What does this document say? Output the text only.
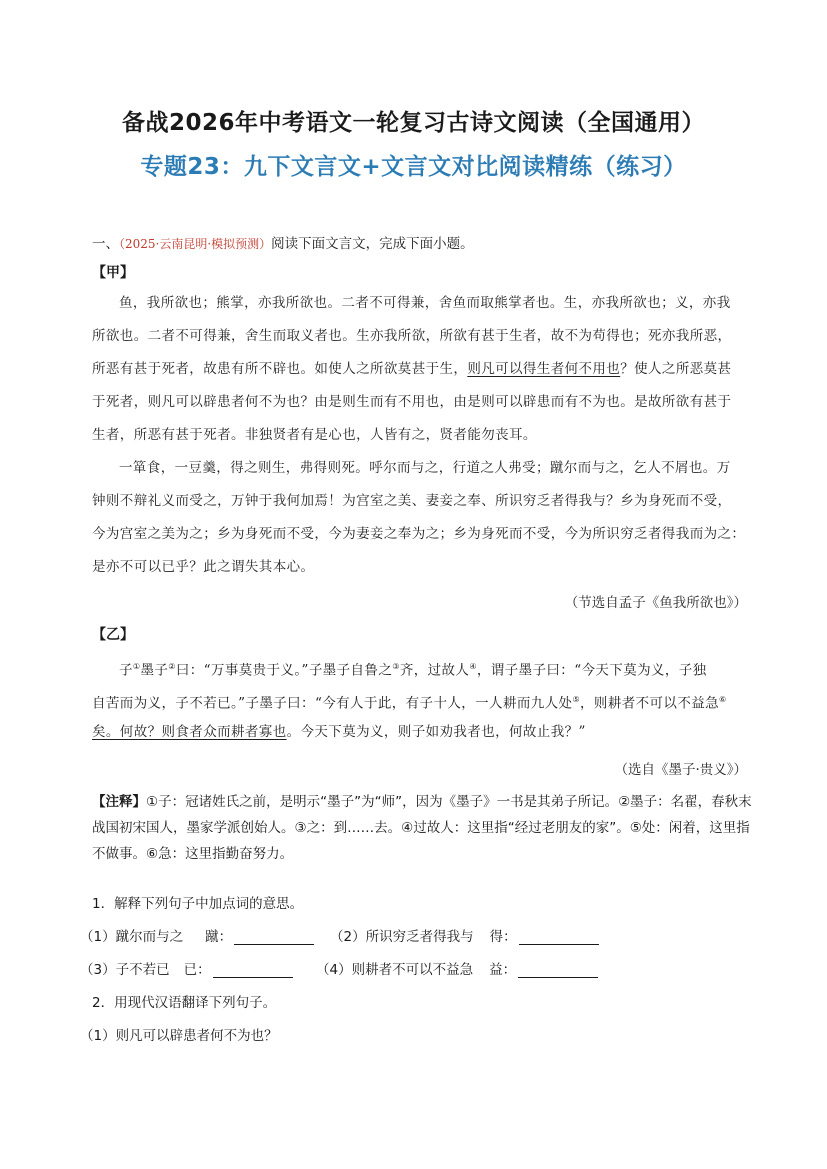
备战2026年中考语文一轮复习古诗文阅读（全国通用）
专题23：九下文言文+文言文对比阅读精练（练习）
一、（2025·云南昆明·模拟预测）阅读下面文言文，完成下面小题。
【甲】
鱼，我所欲也；熊掌，亦我所欲也。二者不可得兼，舍鱼而取熊掌者也。生，亦我所欲也；义，亦我
所欲也。二者不可得兼，舍生而取义者也。生亦我所欲，所欲有甚于生者，故不为苟得也；死亦我所恶，
所恶有甚于死者，故患有所不辟也。如使人之所欲莫甚于生，则凡可以得生者何不用也？使人之所恶莫甚
于死者，则凡可以辟患者何不为也？由是则生而有不用也，由是则可以辟患而有不为也。是故所欲有甚于
生者，所恶有甚于死者。非独贤者有是心也，人皆有之，贤者能勿丧耳。
一箪食，一豆羹，得之则生，弗得则死。呼尔而与之，行道之人弗受；蹴尔而与之，乞人不屑也。万
钟则不辩礼义而受之，万钟于我何加焉！为宫室之美、妻妾之奉、所识穷乏者得我与？乡为身死而不受，
今为宫室之美为之；乡为身死而不受，今为妻妾之奉为之；乡为身死而不受，今为所识穷乏者得我而为之：
是亦不可以已乎？此之谓失其本心。
（节选自孟子《鱼我所欲也》）
【乙】
子①墨子②曰：“万事莫贵于义。”子墨子自鲁之③齐，过故人④，谓子墨子曰：“今天下莫为义，子独
自苦而为义，子不若已。”子墨子曰：“今有人于此，有子十人，一人耕而九人处⑤，则耕者不可以不益急⑥
矣。何故？则食者众而耕者寡也。今天下莫为义，则子如劝我者也，何故止我？”
（选自《墨子·贵义》）
【注释】①子：冠诸姓氏之前，是明示“墨子”为“师”，因为《墨子》一书是其弟子所记。②墨子：名翟，春秋末战国初宋国人，墨家学派创始人。③之：到……去。④过故人：这里指“经过老朋友的家”。⑤处：闲着，这里指不做事。⑥急：这里指勤奋努力。
1．解释下列句子中加点词的意思。
（1）蹴尔而与之 蹴：	（2）所识穷乏者得我与 得：
（3）子不若已 已：	（4）则耕者不可以不益急 益：
2．用现代汉语翻译下列句子。
（1）则凡可以辟患者何不为也？
